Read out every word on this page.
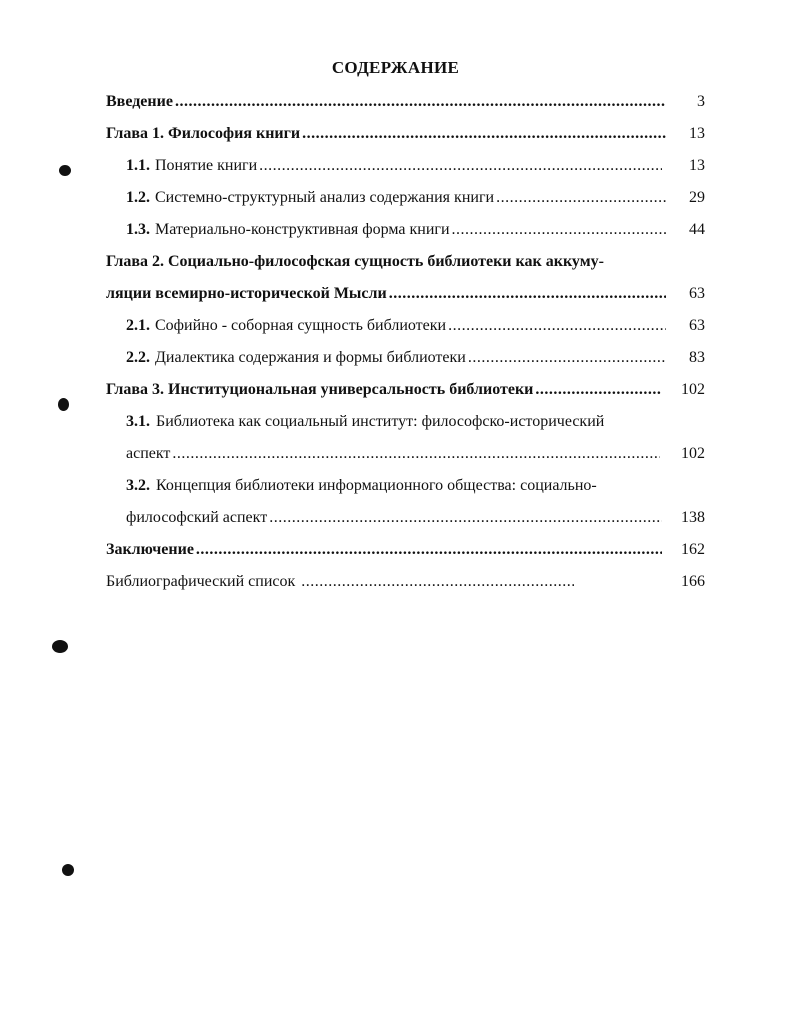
СОДЕРЖАНИЕ
Введение .....	3
Глава 1. Философия книги .....	13
1.1. Понятие книги .....	13
1.2. Системно-структурный анализ содержания книги .....	29
1.3. Материально-конструктивная форма книги .....	44
Глава 2. Социально-философская сущность библиотеки как аккуму-
ляции всемирно-исторической Мысли .....	63
2.1. Софийно - соборная сущность библиотеки .....	63
2.2. Диалектика содержания и формы библиотеки .....	83
Глава 3. Институциональная универсальность библиотеки .....	102
3.1. Библиотека как социальный институт: философско-исторический
аспект .....	102
3.2. Концепция библиотеки информационного общества: социально-
философский аспект .....	138
Заключение .....	162
Библиографический список .....	166
